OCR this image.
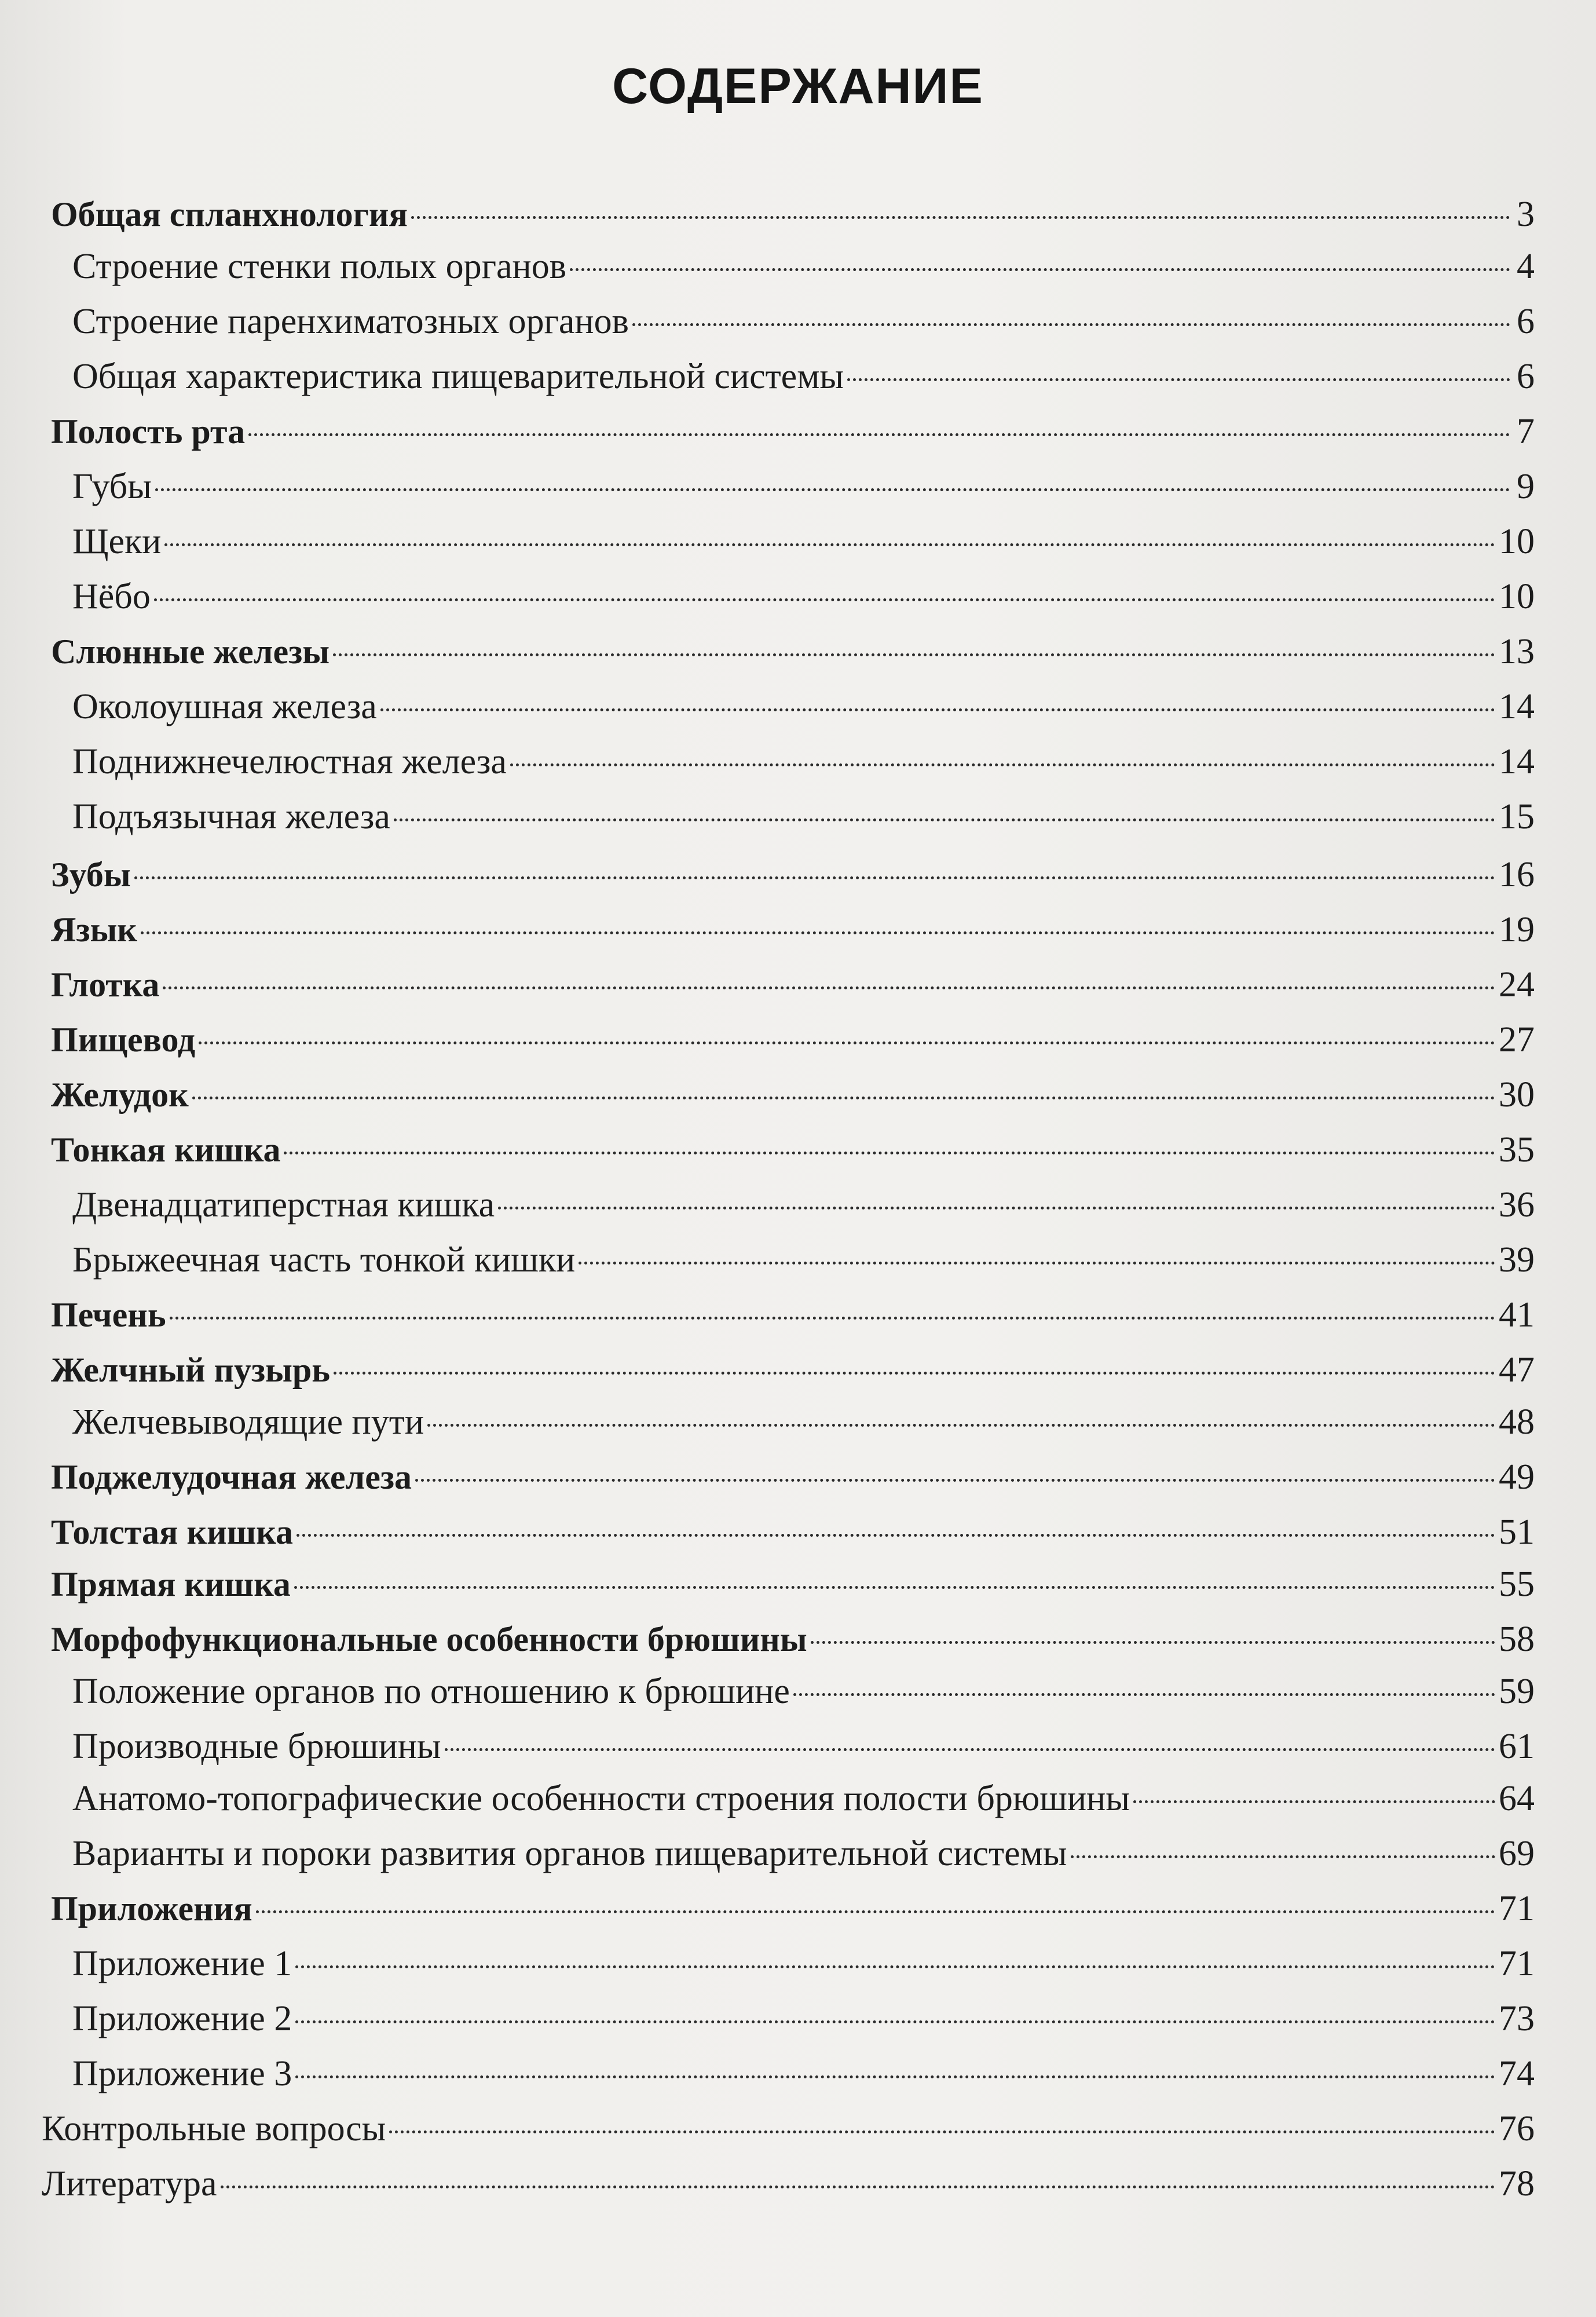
СОДЕРЖАНИЕ
Общая спланхнология	3
Строение стенки полых органов	4
Строение паренхиматозных органов	6
Общая характеристика пищеварительной системы	6
Полость рта	7
Губы	9
Щеки	10
Нёбо	10
Слюнные железы	13
Околоушная железа	14
Поднижнечелюстная железа	14
Подъязычная железа	15
Зубы	16
Язык	19
Глотка	24
Пищевод	27
Желудок	30
Тонкая кишка	35
Двенадцатиперстная кишка	36
Брыжеечная часть тонкой кишки	39
Печень	41
Желчный пузырь	47
Желчевыводящие пути	48
Поджелудочная железа	49
Толстая кишка	51
Прямая кишка	55
Морфофункциональные особенности брюшины	58
Положение органов по отношению к брюшине	59
Производные брюшины	61
Анатомо-топографические особенности строения полости брюшины	64
Варианты и пороки развития органов пищеварительной системы	69
Приложения	71
Приложение 1	71
Приложение 2	73
Приложение 3	74
Контрольные вопросы	76
Литература	78
